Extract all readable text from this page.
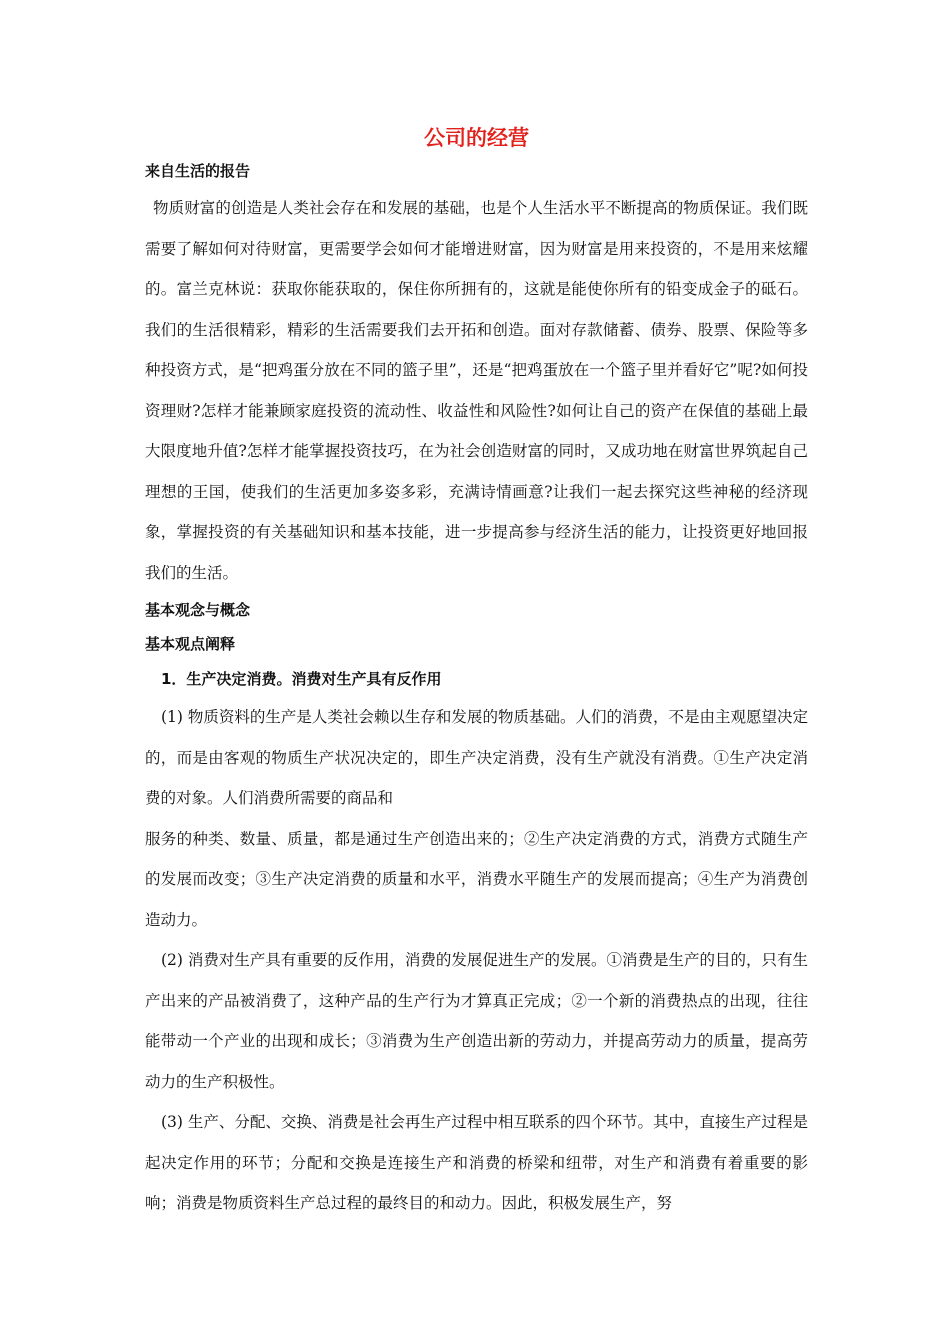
公司的经营
来自生活的报告

物质财富的创造是人类社会存在和发展的基础，也是个人生活水平不断提高的物质保证。我们既需要了解如何对待财富，更需要学会如何才能增进财富，因为财富是用来投资的，不是用来炫耀的。富兰克林说：获取你能获取的，保住你所拥有的，这就是能使你所有的铅变成金子的砥石。我们的生活很精彩，精彩的生活需要我们去开拓和创造。面对存款储蓄、债券、股票、保险等多种投资方式，是“把鸡蛋分放在不同的篮子里”，还是“把鸡蛋放在一个篮子里并看好它”呢?如何投资理财?怎样才能兼顾家庭投资的流动性、收益性和风险性?如何让自己的资产在保值的基础上最大限度地升值?怎样才能掌握投资技巧，在为社会创造财富的同时，又成功地在财富世界筑起自己理想的王国，使我们的生活更加多姿多彩，充满诗情画意?让我们一起去探究这些神秘的经济现象，掌握投资的有关基础知识和基本技能，进一步提高参与经济生活的能力，让投资更好地回报我们的生活。

基本观念与概念
基本观点阐释
1．生产决定消费。消费对生产具有反作用

(1) 物质资料的生产是人类社会赖以生存和发展的物质基础。人们的消费，不是由主观愿望决定的，而是由客观的物质生产状况决定的，即生产决定消费，没有生产就没有消费。①生产决定消费的对象。人们消费所需要的商品和

服务的种类、数量、质量，都是通过生产创造出来的；②生产决定消费的方式，消费方式随生产的发展而改变；③生产决定消费的质量和水平，消费水平随生产的发展而提高；④生产为消费创造动力。

(2) 消费对生产具有重要的反作用，消费的发展促进生产的发展。①消费是生产的目的，只有生产出来的产品被消费了，这种产品的生产行为才算真正完成；②一个新的消费热点的出现，往往能带动一个产业的出现和成长；③消费为生产创造出新的劳动力，并提高劳动力的质量，提高劳动力的生产积极性。

(3) 生产、分配、交换、消费是社会再生产过程中相互联系的四个环节。其中，直接生产过程是起决定作用的环节；分配和交换是连接生产和消费的桥梁和纽带，对生产和消费有着重要的影响；消费是物质资料生产总过程的最终目的和动力。因此，积极发展生产，努
